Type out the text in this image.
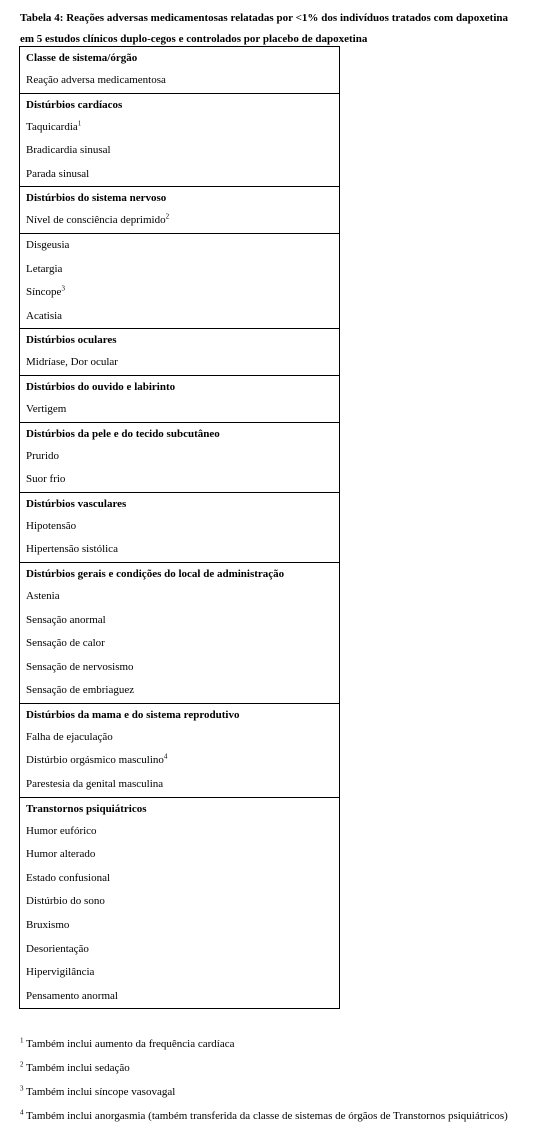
Tabela 4: Reações adversas medicamentosas relatadas por <1% dos indivíduos tratados com dapoxetina em 5 estudos clínicos duplo-cegos e controlados por placebo de dapoxetina
Classe de sistema/órgão
Reação adversa medicamentosa

Distúrbios cardíacos
Taquicardia$^1$
Bradicardia sinusal
Parada sinusal

Distúrbios do sistema nervoso
Nível de consciência deprimido$^2$

Disgeusia
Letargia
Síncope$^3$
Acatisia

Distúrbios oculares
Midríase, Dor ocular

Distúrbios do ouvido e labirinto
Vertigem

Distúrbios da pele e do tecido subcutâneo
Prurido
Suor frio

Distúrbios vasculares
Hipotensão
Hipertensão sistólica

Distúrbios gerais e condições do local de administração
Astenia
Sensação anormal
Sensação de calor
Sensação de nervosismo
Sensação de embriaguez

Distúrbios da mama e do sistema reprodutivo
Falha de ejaculação
Distúrbio orgásmico masculino$^4$
Parestesia da genital masculina

Transtornos psiquiátricos
Humor eufórico
Humor alterado
Estado confusional
Distúrbio do sono
Bruxismo
Desorientação
Hipervigilância
Pensamento anormal

$^1$ Também inclui aumento da frequência cardíaca

$^2$ Também inclui sedação

$^3$ Também inclui síncope vasovagal

$^4$ Também inclui anorgasmia (também transferida da classe de sistemas de órgãos de Transtornos psiquiátricos)
